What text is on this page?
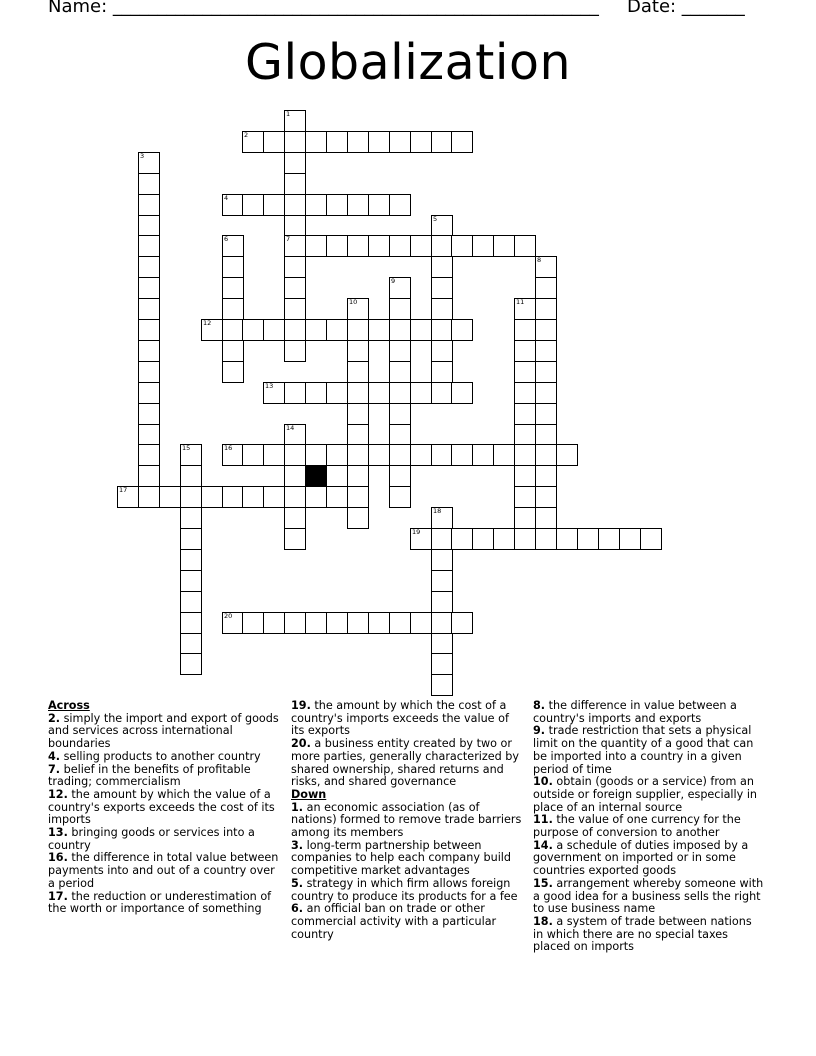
Name: ______________________________________________________ Date: _______
Globalization
1
7
2
3
4
5
6
8
9
10	11
12
13
14
15	16
17
18
19
20
Across
2. simply the import and export of goods and services across international boundaries
4. selling products to another country
7. belief in the benefits of profitable trading; commercialism
12. the amount by which the value of a country's exports exceeds the cost of its imports
13. bringing goods or services into a country
16. the difference in total value between payments into and out of a country over a period
17. the reduction or underestimation of the worth or importance of something
19. the amount by which the cost of a country's imports exceeds the value of its exports
20. a business entity created by two or more parties, generally characterized by shared ownership, shared returns and risks, and shared governance
Down
1. an economic association (as of nations) formed to remove trade barriers among its members
3. long-term partnership between companies to help each company build competitive market advantages
5. strategy in which firm allows foreign country to produce its products for a fee
6. an official ban on trade or other commercial activity with a particular country
8. the difference in value between a country's imports and exports
9. trade restriction that sets a physical limit on the quantity of a good that can be imported into a country in a given period of time
10. obtain (goods or a service) from an outside or foreign supplier, especially in place of an internal source
11. the value of one currency for the purpose of conversion to another
14. a schedule of duties imposed by a government on imported or in some countries exported goods
15. arrangement whereby someone with a good idea for a business sells the right to use business name
18. a system of trade between nations in which there are no special taxes placed on imports
